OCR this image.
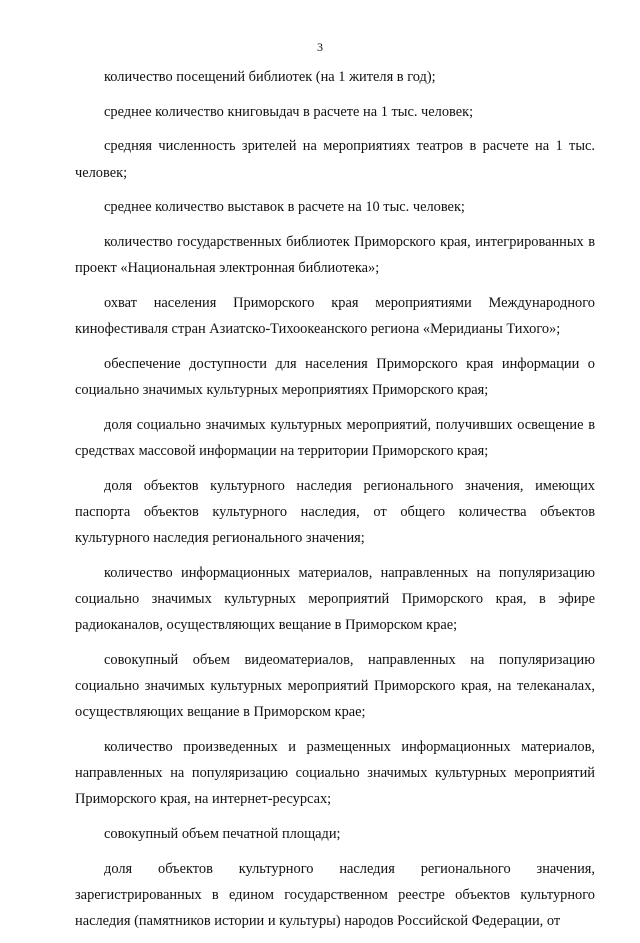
3

количество посещений библиотек (на 1 жителя в год);

среднее количество книговыдач в расчете на 1 тыс. человек;

средняя численность зрителей на мероприятиях театров в расчете на 1 тыс. человек;

среднее количество выставок в расчете на 10 тыс. человек;

количество государственных библиотек Приморского края, интегрированных в проект «Национальная электронная библиотека»;

охват населения Приморского края мероприятиями Международного кинофестиваля стран Азиатско-Тихоокеанского региона «Меридианы Тихого»;

обеспечение доступности для населения Приморского края информации о социально значимых культурных мероприятиях Приморского края;

доля социально значимых культурных мероприятий, получивших освещение в средствах массовой информации на территории Приморского края;

доля объектов культурного наследия регионального значения, имеющих паспорта объектов культурного наследия, от общего количества объектов культурного наследия регионального значения;

количество информационных материалов, направленных на популяризацию социально значимых культурных мероприятий Приморского края, в эфире радиоканалов, осуществляющих вещание в Приморском крае;

совокупный объем видеоматериалов, направленных на популяризацию социально значимых культурных мероприятий Приморского края, на телеканалах, осуществляющих вещание в Приморском крае;

количество произведенных и размещенных информационных материалов, направленных на популяризацию социально значимых культурных мероприятий Приморского края, на интернет-ресурсах;

совокупный объем печатной площади;

доля объектов культурного наследия регионального значения, зарегистрированных в едином государственном реестре объектов культурного наследия (памятников истории и культуры) народов Российской Федерации, от
